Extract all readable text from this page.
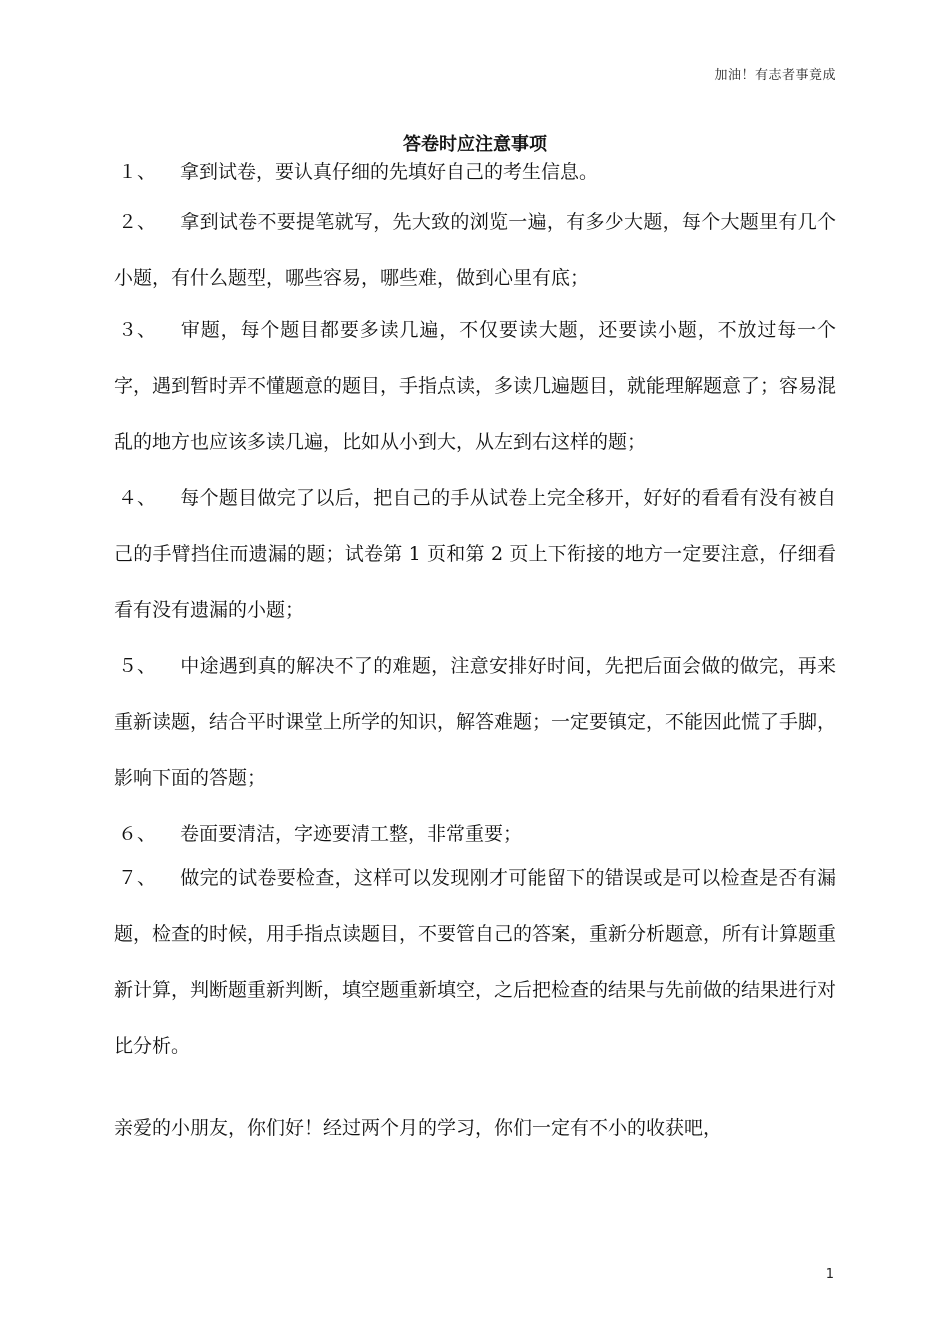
加油！有志者事竟成
答卷时应注意事项

１、 拿到试卷，要认真仔细的先填好自己的考生信息。

２、 拿到试卷不要提笔就写，先大致的浏览一遍，有多少大题，每个大题里有几个小题，有什么题型，哪些容易，哪些难，做到心里有底；

３、 审题，每个题目都要多读几遍，不仅要读大题，还要读小题，不放过每一个字，遇到暂时弄不懂题意的题目，手指点读，多读几遍题目，就能理解题意了；容易混乱的地方也应该多读几遍，比如从小到大，从左到右这样的题；

４、 每个题目做完了以后，把自己的手从试卷上完全移开，好好的看看有没有被自己的手臂挡住而遗漏的题；试卷第 1 页和第 2 页上下衔接的地方一定要注意，仔细看看有没有遗漏的小题；

５、 中途遇到真的解决不了的难题，注意安排好时间，先把后面会做的做完，再来重新读题，结合平时课堂上所学的知识，解答难题；一定要镇定，不能因此慌了手脚，影响下面的答题；

６、 卷面要清洁，字迹要清工整，非常重要；

７、 做完的试卷要检查，这样可以发现刚才可能留下的错误或是可以检查是否有漏题，检查的时候，用手指点读题目，不要管自己的答案，重新分析题意，所有计算题重新计算，判断题重新判断，填空题重新填空，之后把检查的结果与先前做的结果进行对比分析。

亲爱的小朋友，你们好！经过两个月的学习，你们一定有不小的收获吧，

1
